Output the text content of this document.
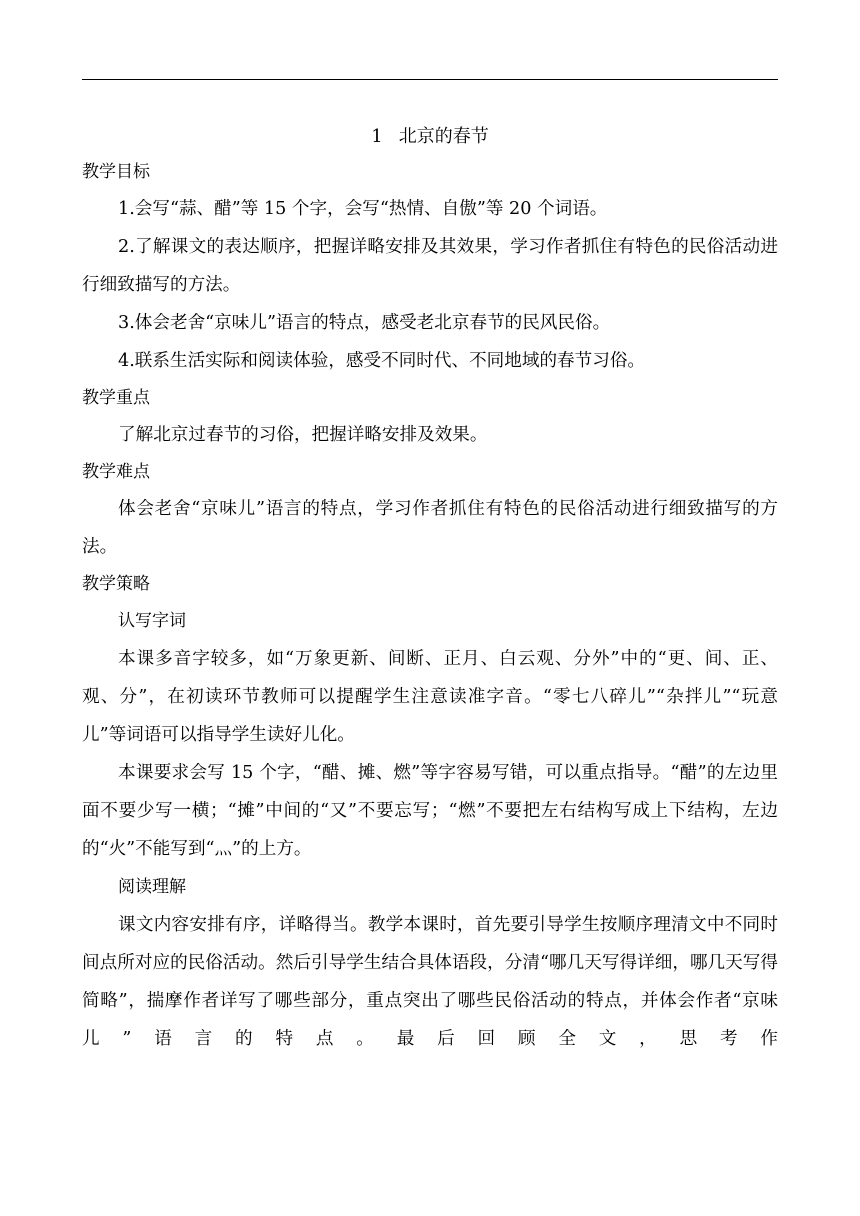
1 北京的春节
教学目标

1.会写“蒜、醋”等 15 个字，会写“热情、自傲”等 20 个词语。

2.了解课文的表达顺序，把握详略安排及其效果，学习作者抓住有特色的民俗活动进行细致描写的方法。

3.体会老舍“京味儿”语言的特点，感受老北京春节的民风民俗。

4.联系生活实际和阅读体验，感受不同时代、不同地域的春节习俗。

教学重点

了解北京过春节的习俗，把握详略安排及效果。

教学难点

体会老舍“京味儿”语言的特点，学习作者抓住有特色的民俗活动进行细致描写的方法。

教学策略
认写字词

本课多音字较多，如“万象更新、间断、正月、白云观、分外”中的“更、间、正、观、分”，在初读环节教师可以提醒学生注意读准字音。“零七八碎儿”“杂拌儿”“玩意儿”等词语可以指导学生读好儿化。

本课要求会写 15 个字，“醋、摊、燃”等字容易写错，可以重点指导。“醋”的左边里面不要少写一横；“摊”中间的“又”不要忘写；“燃”不要把左右结构写成上下结构，左边的“火”不能写到“灬”的上方。

阅读理解

课文内容安排有序，详略得当。教学本课时，首先要引导学生按顺序理清文中不同时间点所对应的民俗活动。然后引导学生结合具体语段，分清“哪几天写得详细，哪几天写得简略”，揣摩作者详写了哪些部分，重点突出了哪些民俗活动的特点，并体会作者“京味儿”语言的特点。最后回顾全文，思考作
